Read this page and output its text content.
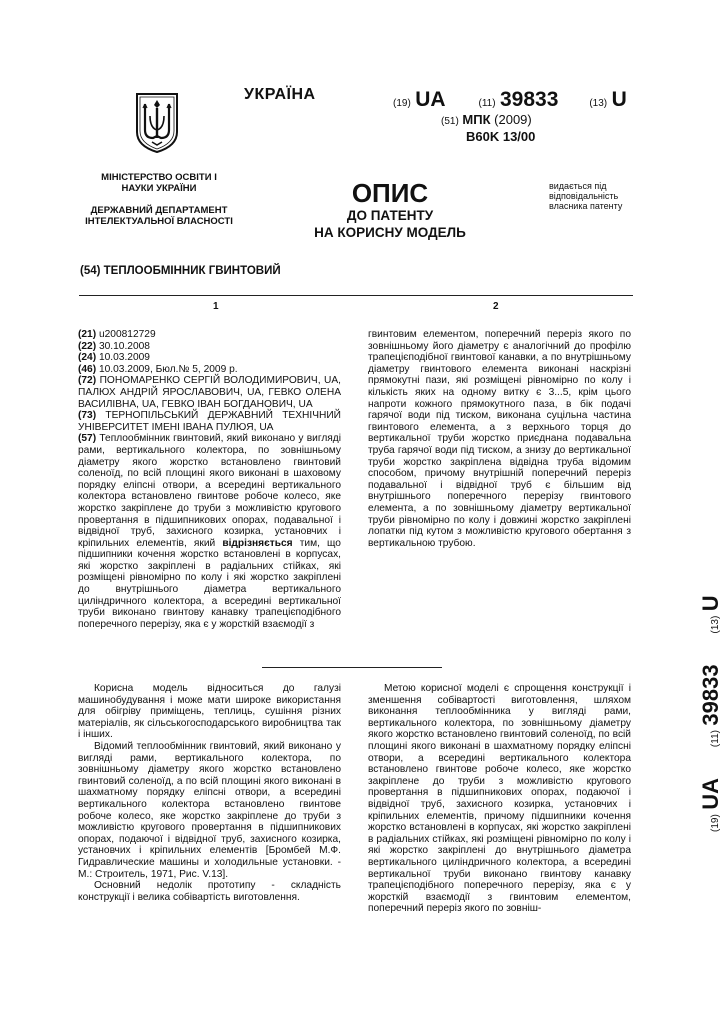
УКРАЇНА
(19) UA	(11) 39833	(13) U
(51) МПК (2009)
B60K 13/00
МІНІСТЕРСТВО ОСВІТИ І НАУКИ УКРАЇНИ
ДЕРЖАВНИЙ ДЕПАРТАМЕНТ ІНТЕЛЕКТУАЛЬНОЇ ВЛАСНОСТІ
ОПИС
ДО ПАТЕНТУ
НА КОРИСНУ МОДЕЛЬ
видається під відповідальність власника патенту
(54) ТЕПЛООБМІННИК ГВИНТОВИЙ
1	2

(21) u200812729

(22) 30.10.2008

(24) 10.03.2009

(46) 10.03.2009, Бюл.№ 5, 2009 р.

(72) ПОНОМАРЕНКО СЕРГІЙ ВОЛОДИМИРОВИЧ, UA, ПАЛЮХ АНДРІЙ ЯРОСЛАВОВИЧ, UA, ГЕВКО ОЛЕНА ВАСИЛІВНА, UA, ГЕВКО ІВАН БОГДАНОВИЧ, UA

(73) ТЕРНОПІЛЬСЬКИЙ ДЕРЖАВНИЙ ТЕХНІЧНИЙ УНІВЕРСИТЕТ ІМЕНІ ІВАНА ПУЛЮЯ, UA

(57) Теплообмінник гвинтовий, який виконано у вигляді рами, вертикального колектора, по зовнішньому діаметру якого жорстко встановлено гвинтовий соленоїд, по всій площині якого виконані в шаховому порядку еліпсні отвори, а всередині вертикального колектора встановлено гвинтове робоче колесо, яке жорстко закріплене до труби з можливістю кругового провертання в підшипникових опорах, подавальної і відвідної труб, захисного козирка, установчих і кріпильних елементів, який відрізняється тим, що підшипники кочення жорстко встановлені в корпусах, які жорстко закріплені в радіальних стійках, які розміщені рівномірно по колу і які жорстко закріплені до внутрішнього діаметра вертикального циліндричного колектора, а всередині вертикальної труби виконано гвинтову канавку трапецієподібного поперечного перерізу, яка є у жорсткій взаємодії з

гвинтовим елементом, поперечний переріз якого по зовнішньому його діаметру є аналогічний до профілю трапецієподібної гвинтової канавки, а по внутрішньому діаметру гвинтового елемента виконані наскрізні прямокутні пази, які розміщені рівномірно по колу і кількість яких на одному витку є 3...5, крім цього напроти кожного прямокутного паза, в бік подачі гарячої води під тиском, виконана суцільна частина гвинтового елемента, а з верхнього торця до вертикальної труби жорстко приєднана подавальна труба гарячої води під тиском, а знизу до вертикальної труби жорстко закріплена відвідна труба відомим способом, причому внутрішній поперечний переріз подавальної і відвідної труб є більшим від внутрішнього поперечного перерізу гвинтового елемента, а по зовнішньому діаметру вертикальної труби рівномірно по колу і довжині жорстко закріплені лопатки під кутом з можливістю кругового обертання з вертикальною трубою.

Корисна модель відноситься до галузі машинобудування і може мати широке використання для обігріву приміщень, теплиць, сушіння різних матеріалів, як сільськогосподарського виробництва так і інших.

Відомий теплообмінник гвинтовий, який виконано у вигляді рами, вертикального колектора, по зовнішньому діаметру якого жорстко встановлено гвинтовий соленоїд, а по всій площині якого виконані в шахматному порядку еліпсні отвори, а всередині вертикального колектора встановлено гвинтове робоче колесо, яке жорстко закріплене до труби з можливістю кругового провертання в підшипникових опорах, подаючої і відвідної труб, захисного козирка, установчих і кріпильних елементів [Бромбей М.Ф. Гидравлические машины и холодильные установки. - М.: Строитель, 1971, Рис. V.13].

Основний недолік прототипу - складність конструкції і велика собівартість виготовлення.

Метою корисної моделі є спрощення конструкції і зменшення собівартості виготовлення, шляхом виконання теплообмінника у вигляді рами, вертикального колектора, по зовнішньому діаметру якого жорстко встановлено гвинтовий соленоїд, по всій площині якого виконані в шахматному порядку еліпсні отвори, а всередині вертикального колектора встановлено гвинтове робоче колесо, яке жорстко закріплене до труби з можливістю кругового провертання в підшипникових опорах, подаючої і відвідної труб, захисного козирка, установчих і кріпильних елементів, причому підшипники кочення жорстко встановлені в корпусах, які жорстко закріплені в радіальних стійках, які розміщені рівномірно по колу і які жорстко закріплені до внутрішнього діаметра вертикального циліндричного колектора, а всередині вертикальної труби виконано гвинтову канавку трапецієподібного поперечного перерізу, яка є у жорсткій взаємодії з гвинтовим елементом, поперечний переріз якого по зовніш-

(19) UA  (11) 39833  (13) U
